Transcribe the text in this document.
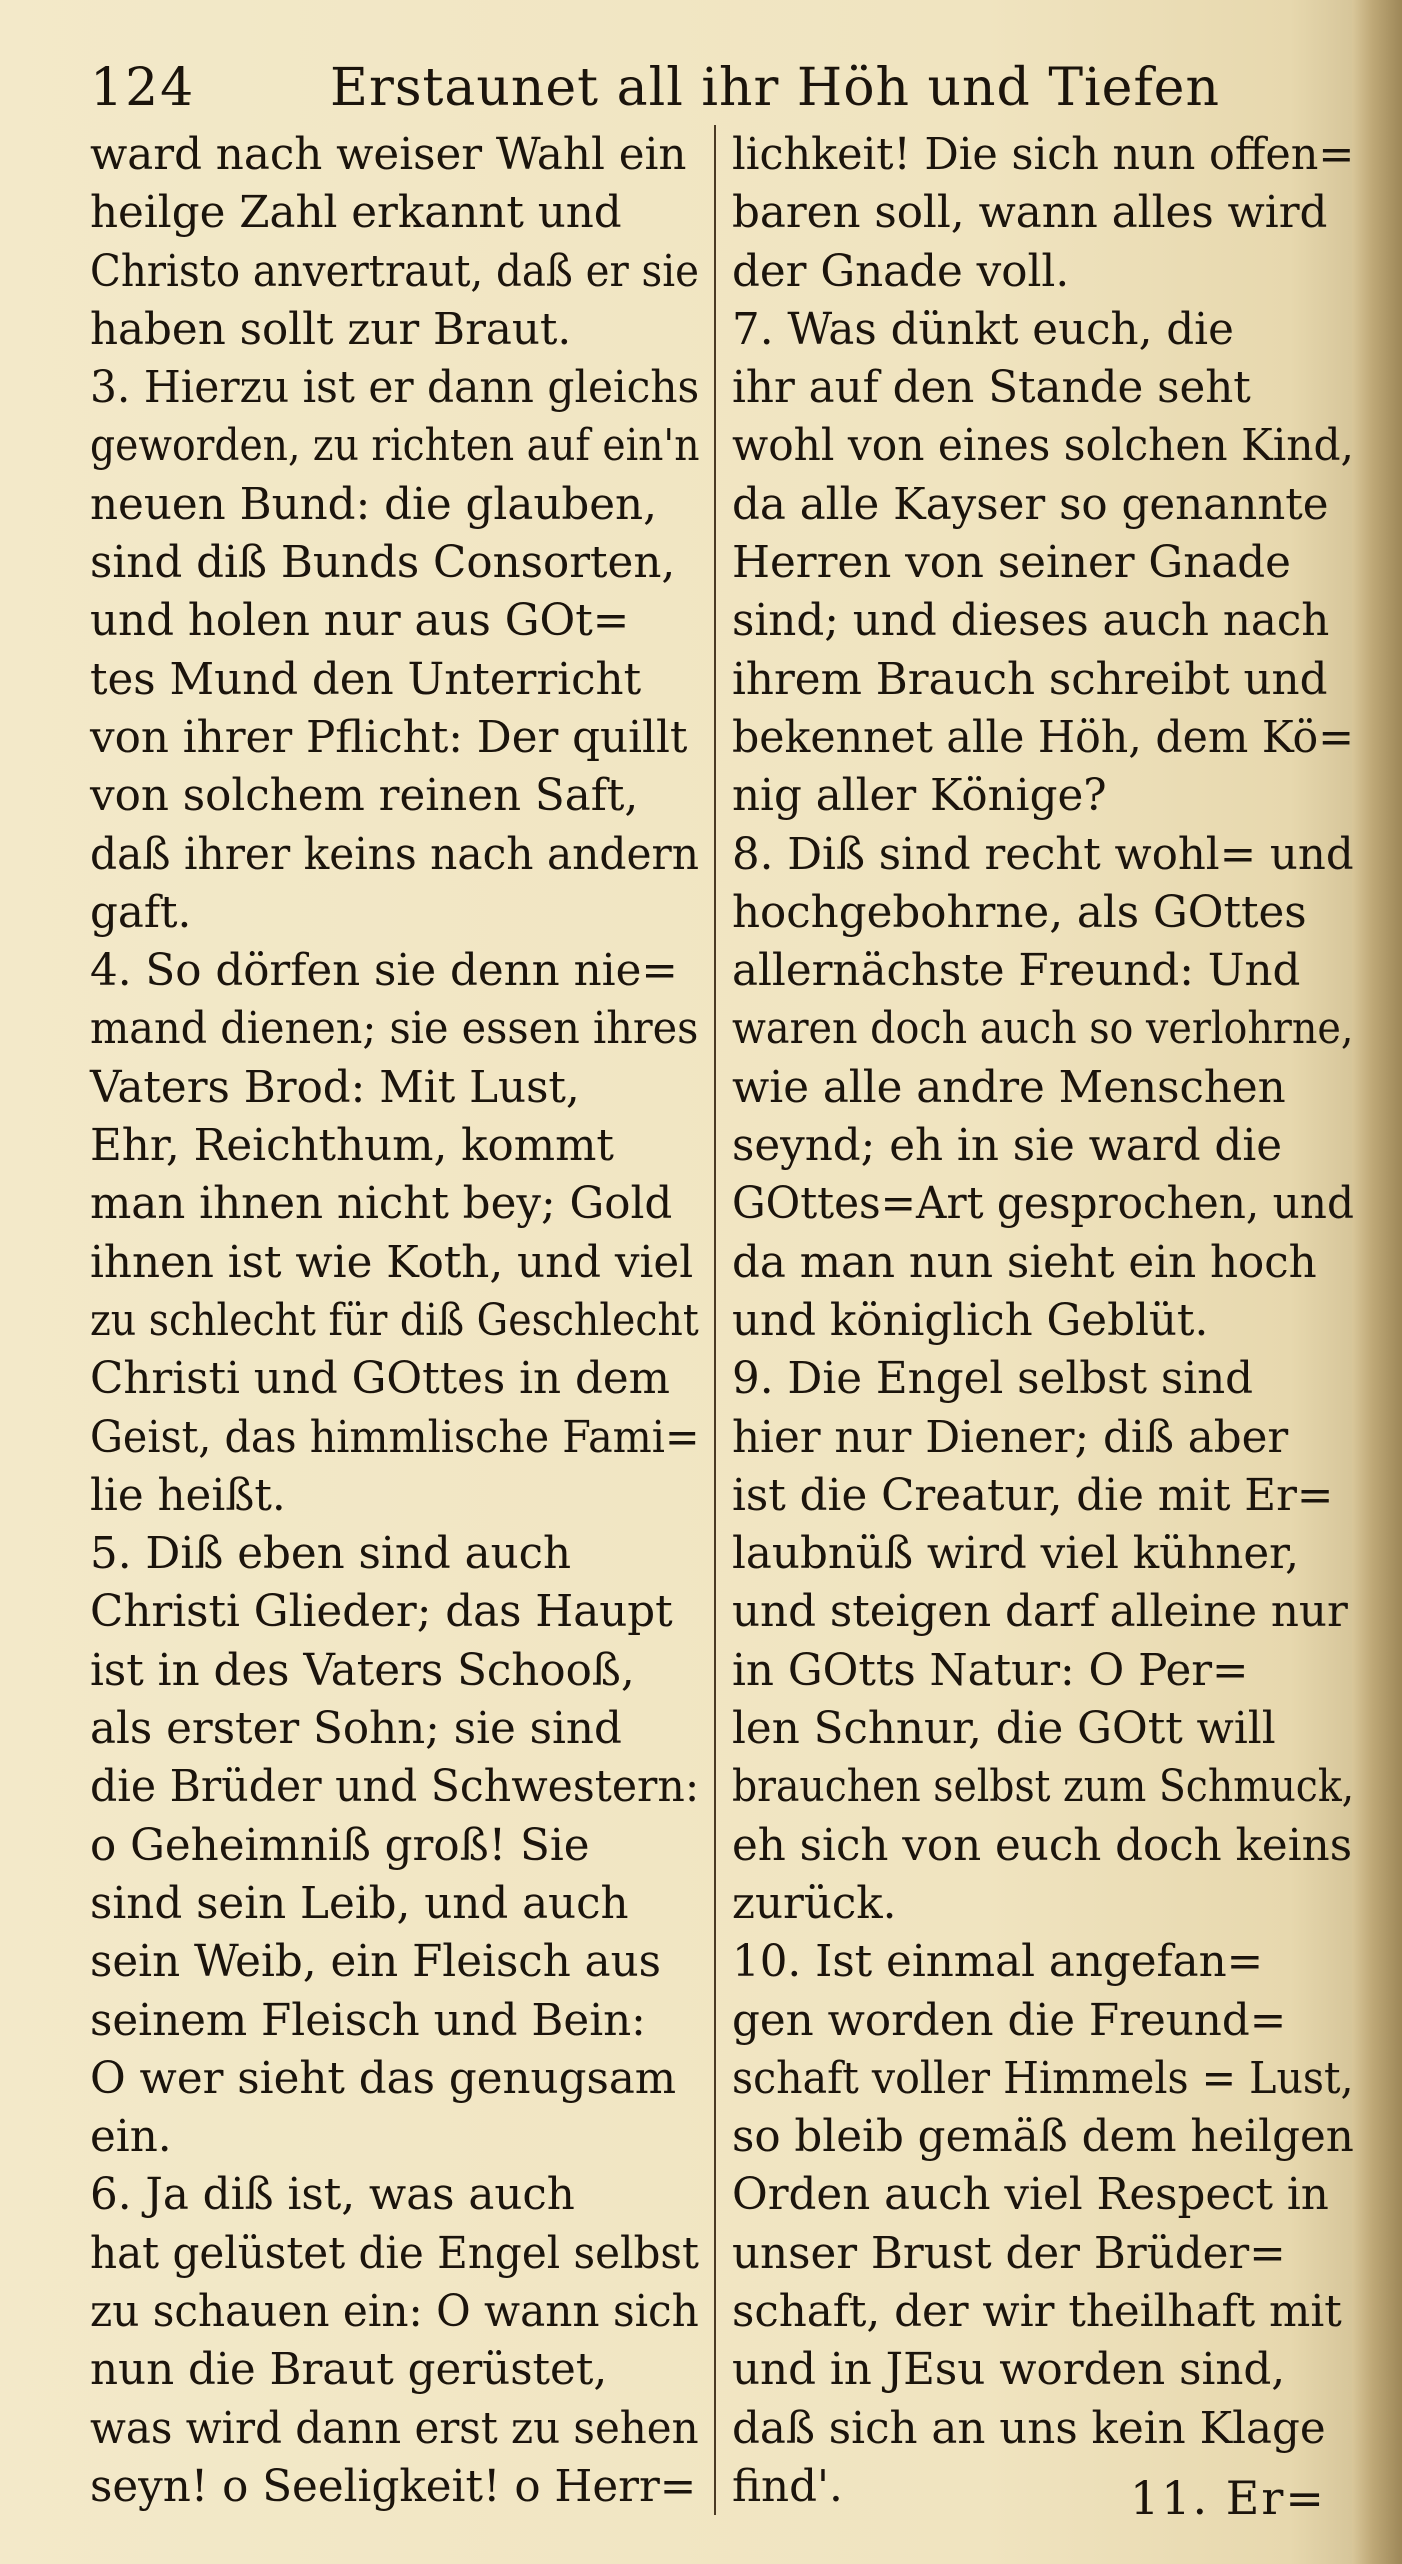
124	Erstaunet all ihr Höh und Tiefen
ward nach weiser Wahl ein
heilge Zahl erkannt und
Christo anvertraut, daß er sie
haben sollt zur Braut.
3. Hierzu ist er dann gleichs
geworden, zu richten auf ein'n
neuen Bund: die glauben,
sind diß Bunds Consorten,
und holen nur aus GOt=
tes Mund den Unterricht
von ihrer Pflicht: Der quillt
von solchem reinen Saft,
daß ihrer keins nach andern
gaft.
4. So dörfen sie denn nie=
mand dienen; sie essen ihres
Vaters Brod: Mit Lust,
Ehr, Reichthum, kommt
man ihnen nicht bey; Gold
ihnen ist wie Koth, und viel
zu schlecht für diß Geschlecht
Christi und GOttes in dem
Geist, das himmlische Fami=
lie heißt.
5. Diß eben sind auch
Christi Glieder; das Haupt
ist in des Vaters Schooß,
als erster Sohn; sie sind
die Brüder und Schwestern:
o Geheimniß groß! Sie
sind sein Leib, und auch
sein Weib, ein Fleisch aus
seinem Fleisch und Bein:
O wer sieht das genugsam
ein.
6. Ja diß ist, was auch
hat gelüstet die Engel selbst
zu schauen ein: O wann sich
nun die Braut gerüstet,
was wird dann erst zu sehen
seyn! o Seeligkeit! o Herr=
lichkeit! Die sich nun offen=
baren soll, wann alles wird
der Gnade voll.
7. Was dünkt euch, die
ihr auf den Stande seht
wohl von eines solchen Kind,
da alle Kayser so genannte
Herren von seiner Gnade
sind; und dieses auch nach
ihrem Brauch schreibt und
bekennet alle Höh, dem Kö=
nig aller Könige?
8. Diß sind recht wohl= und
hochgebohrne, als GOttes
allernächste Freund: Und
waren doch auch so verlohrne,
wie alle andre Menschen
seynd; eh in sie ward die
GOttes=Art gesprochen, und
da man nun sieht ein hoch
und königlich Geblüt.
9. Die Engel selbst sind
hier nur Diener; diß aber
ist die Creatur, die mit Er=
laubnüß wird viel kühner,
und steigen darf alleine nur
in GOtts Natur: O Per=
len Schnur, die GOtt will
brauchen selbst zum Schmuck,
eh sich von euch doch keins
zurück.
10. Ist einmal angefan=
gen worden die Freund=
schaft voller Himmels = Lust,
so bleib gemäß dem heilgen
Orden auch viel Respect in
unser Brust der Brüder=
schaft, der wir theilhaft mit
und in JEsu worden sind,
daß sich an uns kein Klage
find'.	11. Er=
